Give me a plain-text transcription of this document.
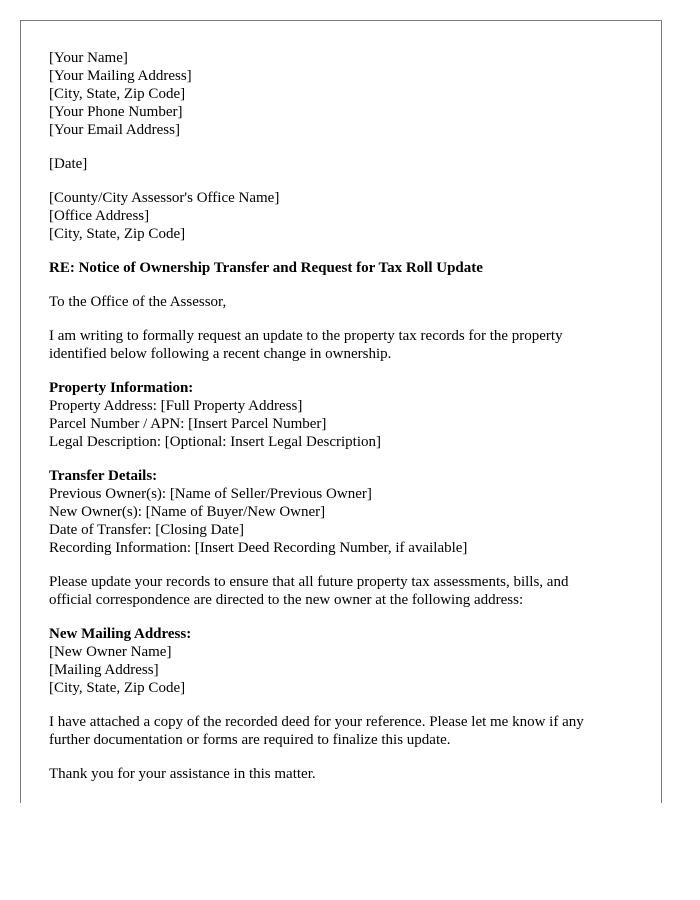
[Your Name]
[Your Mailing Address]
[City, State, Zip Code]
[Your Phone Number]
[Your Email Address]
[Date]
[County/City Assessor's Office Name]
[Office Address]
[City, State, Zip Code]
RE: Notice of Ownership Transfer and Request for Tax Roll Update
To the Office of the Assessor,
I am writing to formally request an update to the property tax records for the property
identified below following a recent change in ownership.
Property Information:
Property Address: [Full Property Address]
Parcel Number / APN: [Insert Parcel Number]
Legal Description: [Optional: Insert Legal Description]
Transfer Details:
Previous Owner(s): [Name of Seller/Previous Owner]
New Owner(s): [Name of Buyer/New Owner]
Date of Transfer: [Closing Date]
Recording Information: [Insert Deed Recording Number, if available]
Please update your records to ensure that all future property tax assessments, bills, and
official correspondence are directed to the new owner at the following address:
New Mailing Address:
[New Owner Name]
[Mailing Address]
[City, State, Zip Code]
I have attached a copy of the recorded deed for your reference. Please let me know if any
further documentation or forms are required to finalize this update.
Thank you for your assistance in this matter.
